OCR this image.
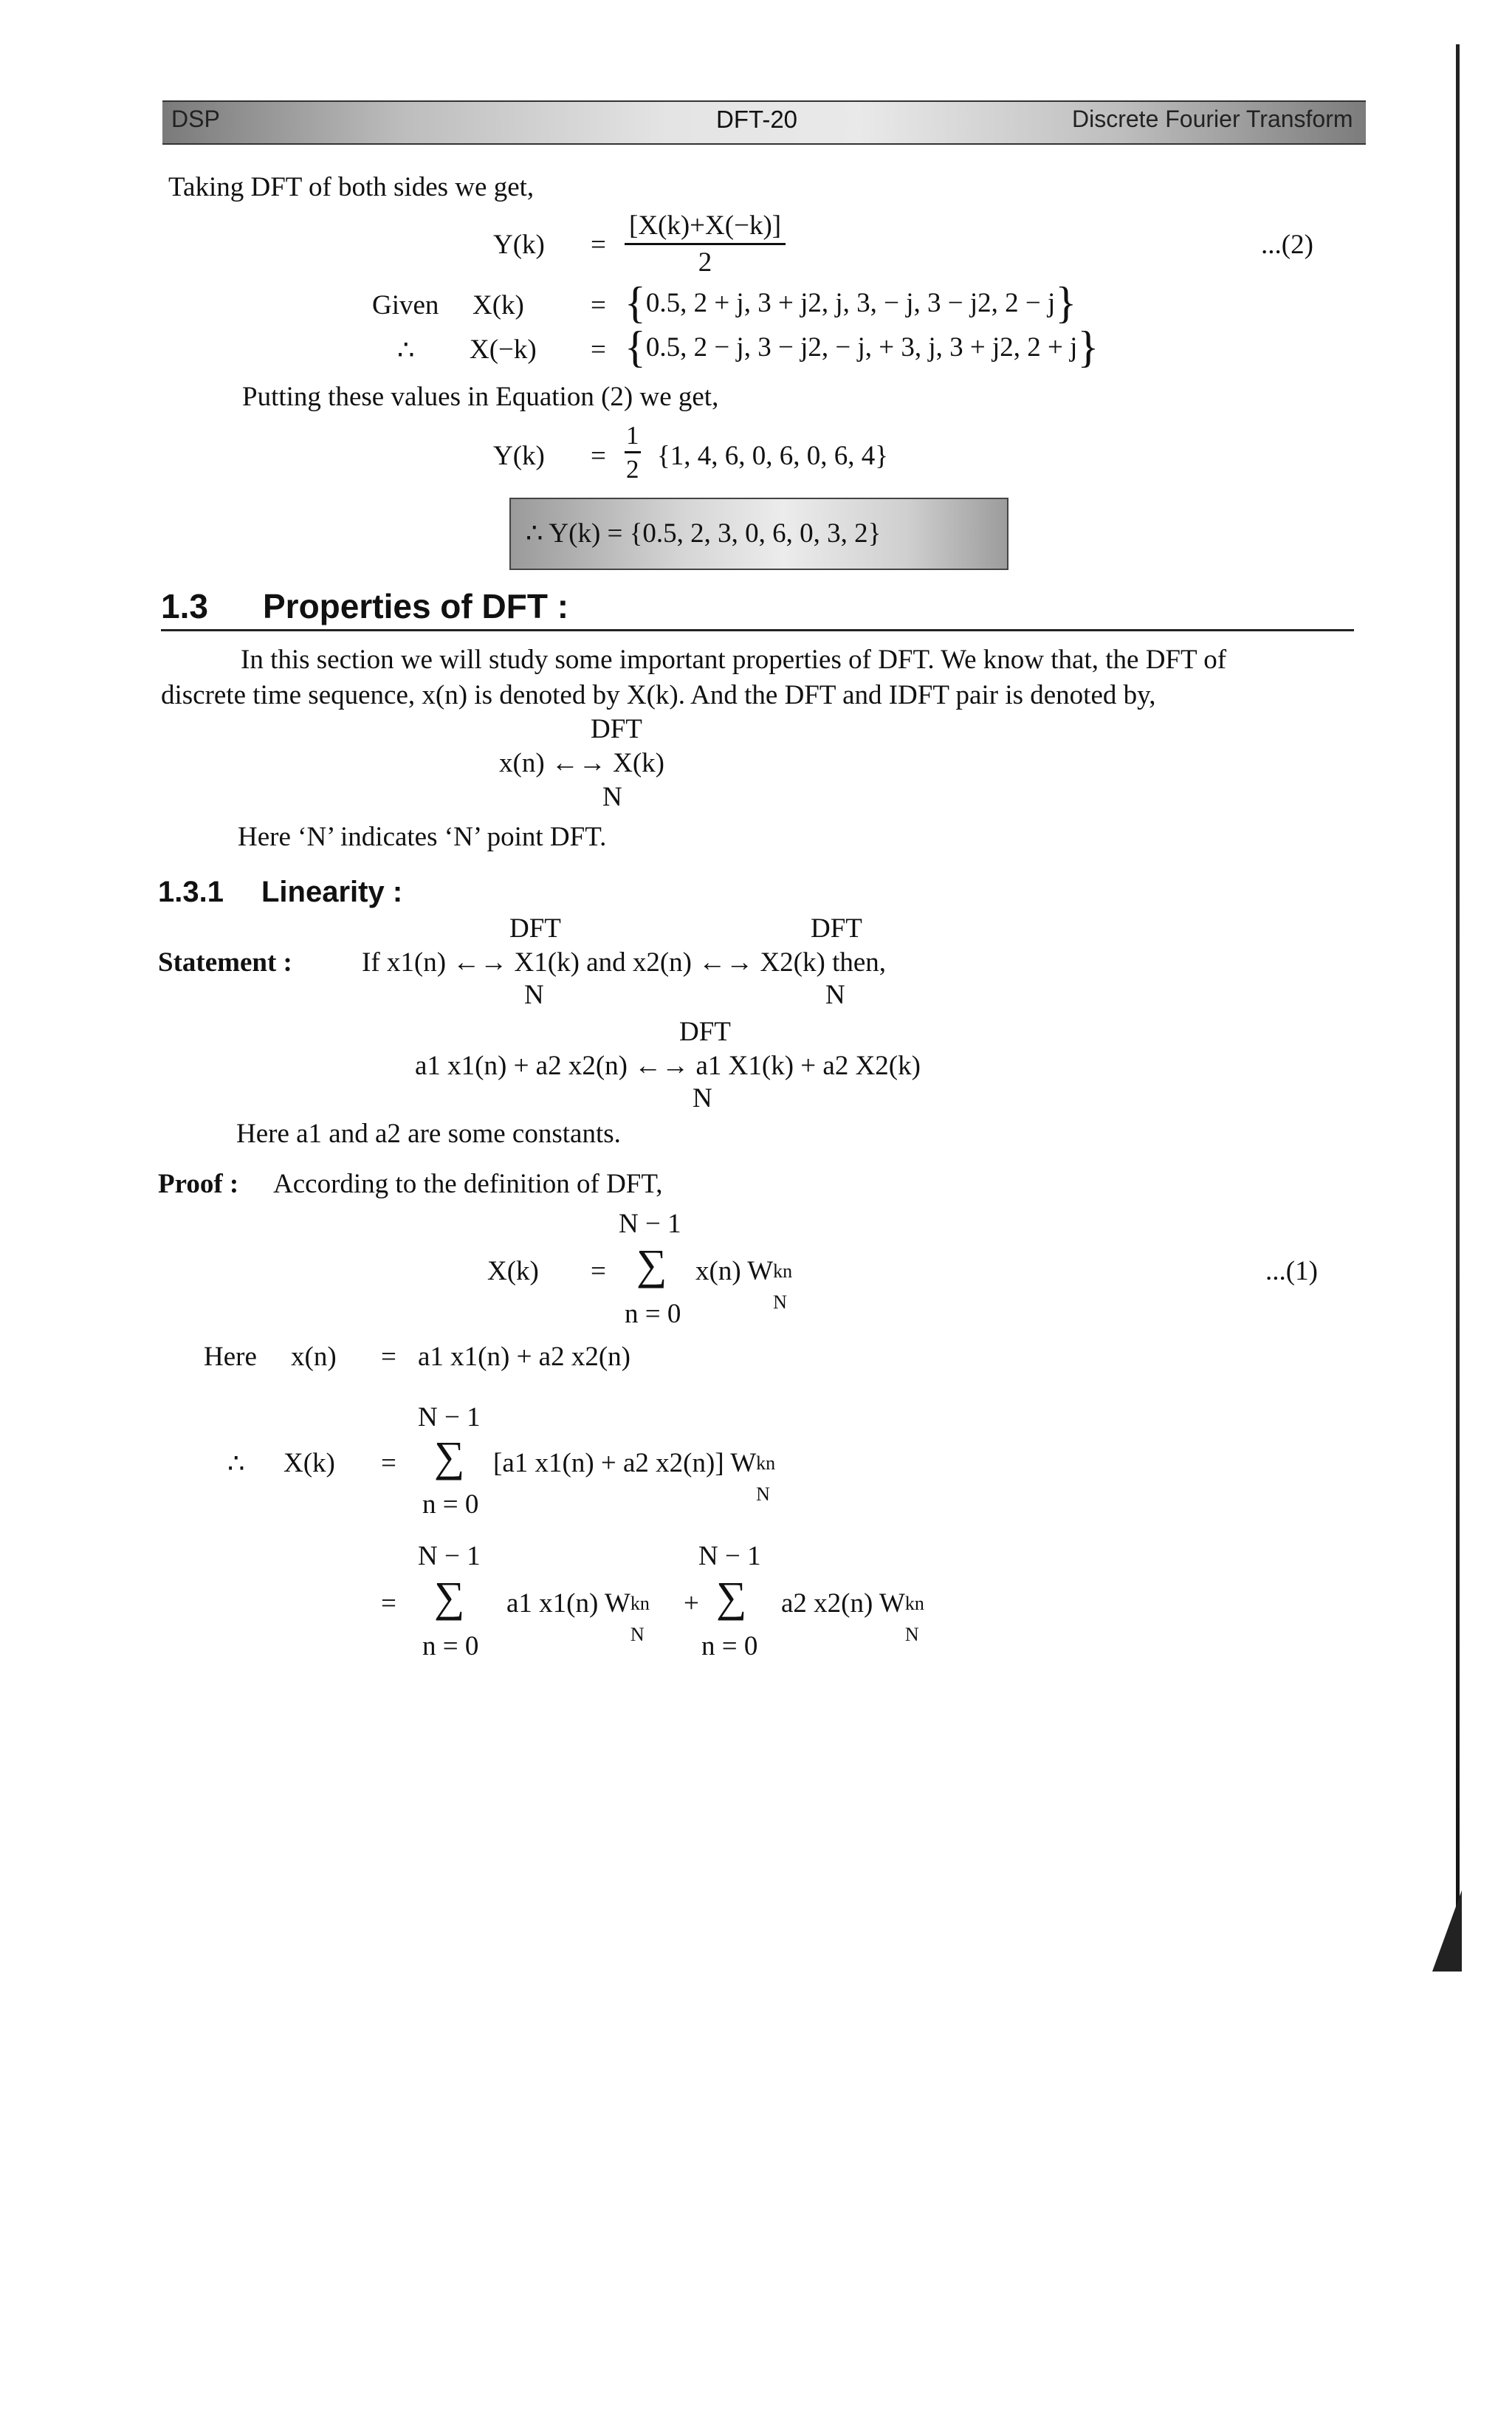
DSP	DFT-20	Discrete Fourier Transform
Taking DFT of both sides we get,
$Y(k) = \frac{[X(k)+X(-k)]}{2}$	...(2)
Given X(k) = {0.5, 2 + j, 3 + j2, j, 3, − j, 3 − j2, 2 − j}
∴ X(−k) = {0.5, 2 − j, 3 − j2, − j, + 3, j, 3 + j2, 2 + j}
Putting these values in Equation (2) we get,
$Y(k) = \frac{1}{2} \{1$, 4, 6, 0, 6, 0, 6, 4}
∴ Y(k) = {0.5, 2, 3, 0, 6, 0, 3, 2}
1.3 Properties of DFT :
In this section we will study some important properties of DFT. We know that, the DFT of
discrete time sequence, x(n) is denoted by X(k). And the DFT and IDFT pair is denoted by,
DFT
x(n) ←→ X(k)
N
Here ‘N’ indicates ‘N’ point DFT.
1.3.1 Linearity :
DFT	DFT
Statement :	If x1(n) ←→ X1(k) and x2(n) ←→ X2(k) then,
N	N
DFT
a1 x1(n) + a2 x2(n) ←→ a1 X1(k) + a2 X2(k)
N
Here a1 and a2 are some constants.
Proof : According to the definition of DFT,
N − 1
X(k) = ∑ x(n) W kn
N
...(1)
n = 0
Here x(n) = a1 x1(n) + a2 x2(n)
N − 1
∴ X(k) = ∑ [a1 x1(n) + a2 x2(n)] W kn
N
n = 0
N − 1	N − 1
= ∑ a1 x1(n) W kn
N
+ ∑ a2 x2(n) W kn
N
n = 0	n = 0
